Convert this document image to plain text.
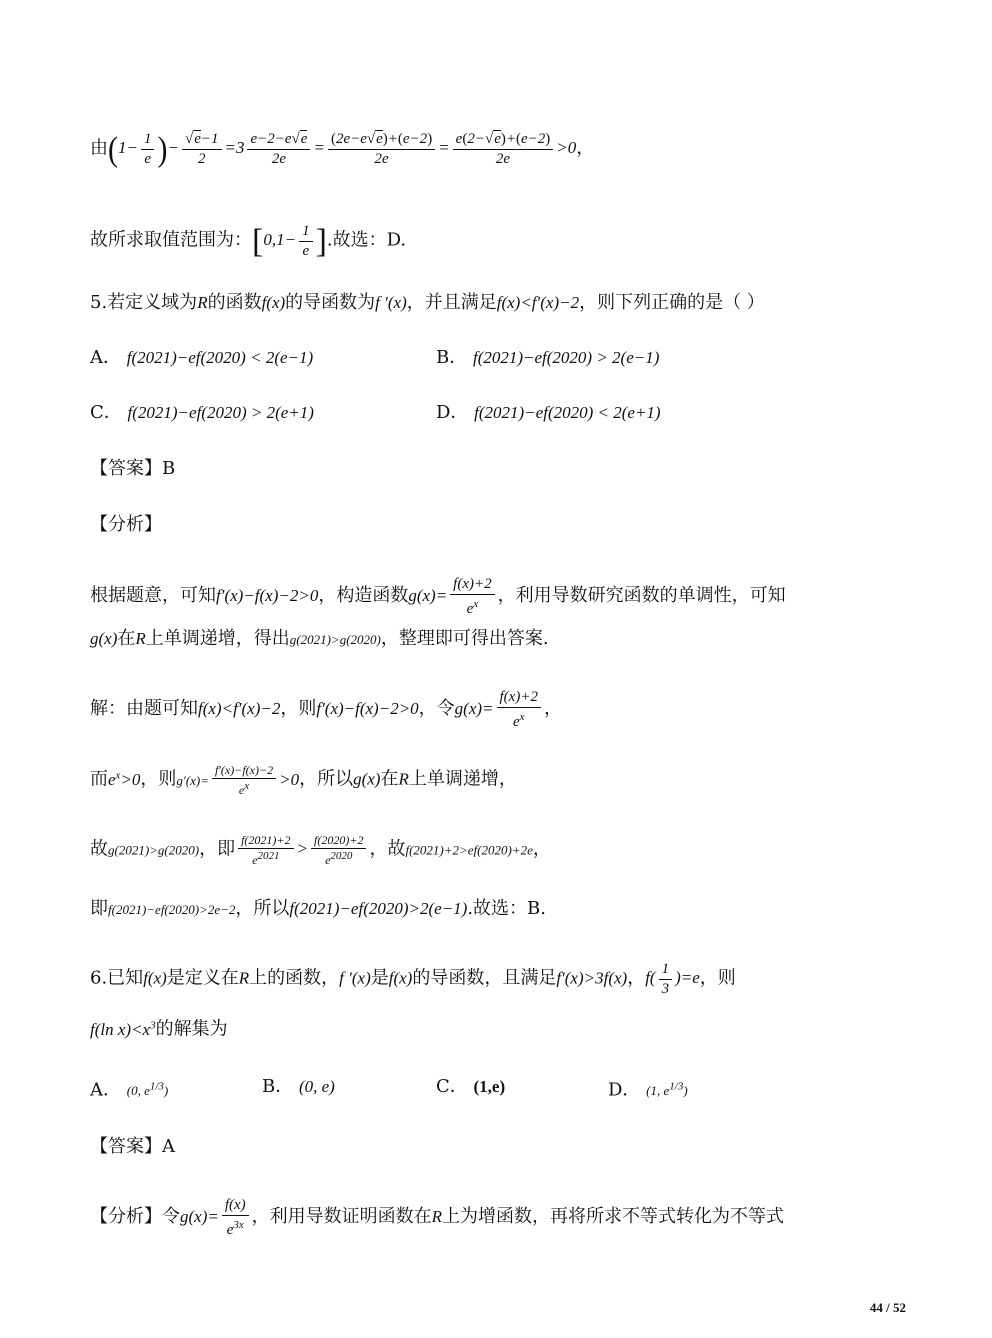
由($1- \frac{1}{e}$ )− $\frac{√e-1}{2} =3 \frac{e-2-e√e}{2e} = \frac{(2e-e√e)+(e-2)}{2e} = \frac{e(2-√e)+(e-2)}{2e} >0$，
故所求取值范围为：[$0,1- \frac{1}{e}$ ].故选：D.
5.若定义域为R的函数f(x)的导函数为f ′(x)，并且满足f(x)<f′(x)−2，则下列正确的是（ ）
A． f(2021)−ef(2020) < 2(e−1)	B． f(2021)−ef(2020) > 2(e−1)
C． f(2021)−ef(2020) > 2(e+1)	D． f(2021)−ef(2020) < 2(e+1)
【答案】B
【分析】
根据题意，可知f′(x)−f(x)−2>0，构造函数$g(x)= \frac{f(x)+2}{e^x}$ ，利用导数研究函数的单调性，可知
g(x)在R上单调递增，得出g(2021)>g(2020)，整理即可得出答案.
解：由题可知f(x)<f′(x)−2，则f′(x)−f(x)−2>0，令$g(x)= \frac{f(x)+2}{e^x}$ ，
而$e^x>0$，则$g'(x)= \frac{f'(x)-f(x)-2}{ex} >0$，所以g(x)在R上单调递增，
故g(2021)>g(2020)，即 $\frac{f(2021)+2}{e2021} > \frac{f(2020)+2}{e2020}$ ，故f(2021)+2>ef(2020)+2e，
即f(2021)−ef(2020)>2e−2，所以f(2021)−ef(2020)>2(e−1).故选：B.
6.已知f(x)是定义在R上的函数，f ′(x)是f(x)的导函数，且满足f′(x)>3f(x)，$f( \frac{1}{3} )=e$，则
f(ln $x)<x^3$的解集为
A． (0, $e^{1/3}$)	B． (0, e)	C． (1,e)	D． (1, $e^{1/3}$)
【答案】A
【分析】令$g(x)= \frac{f(x)}{e^{3x}}$ ，利用导数证明函数在R上为增函数，再将所求不等式转化为不等式
44 / 52
